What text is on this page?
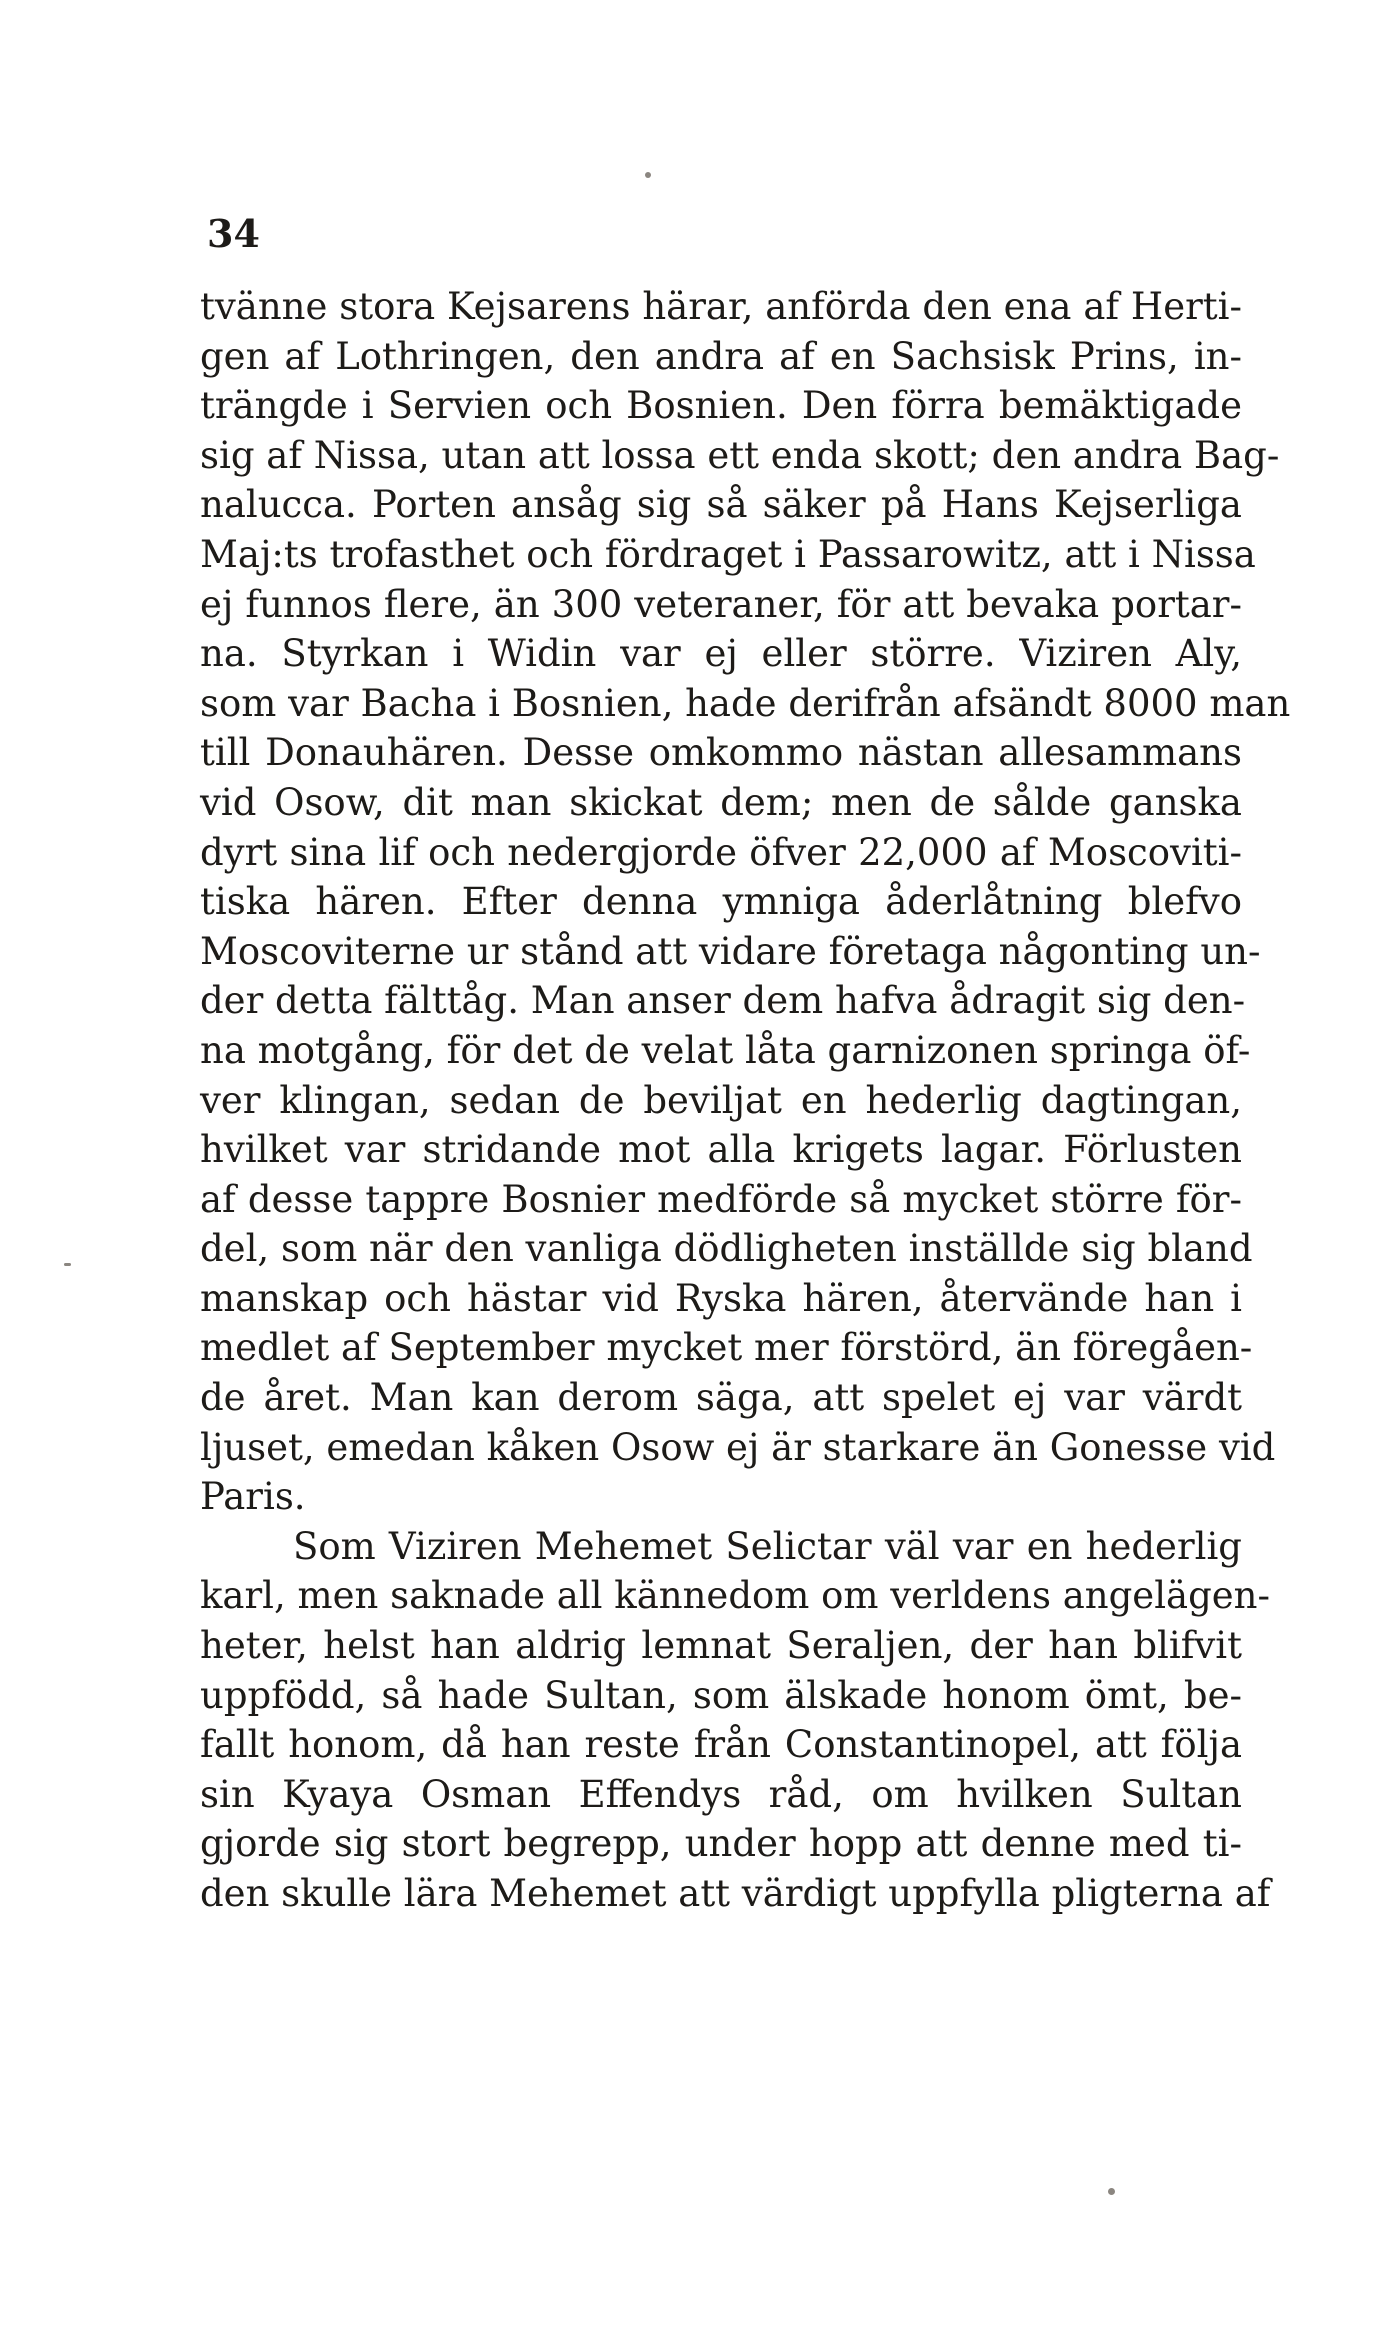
34
tvänne stora Kejsarens härar, anförda den ena af Herti-
gen af Lothringen, den andra af en Sachsisk Prins, in-
trängde i Servien och Bosnien. Den förra bemäktigade
sig af Nissa, utan att lossa ett enda skott; den andra Bag-
nalucca. Porten ansåg sig så säker på Hans Kejserliga
Maj:ts trofasthet och fördraget i Passarowitz, att i Nissa
ej funnos flere, än 300 veteraner, för att bevaka portar-
na. Styrkan i Widin var ej eller större. Viziren Aly,
som var Bacha i Bosnien, hade derifrån afsändt 8000 man
till Donauhären. Desse omkommo nästan allesammans
vid Osow, dit man skickat dem; men de sålde ganska
dyrt sina lif och nedergjorde öfver 22,000 af Moscoviti-
tiska hären. Efter denna ymniga åderlåtning blefvo
Moscoviterne ur stånd att vidare företaga någonting un-
der detta fälttåg. Man anser dem hafva ådragit sig den-
na motgång, för det de velat låta garnizonen springa öf-
ver klingan, sedan de beviljat en hederlig dagtingan,
hvilket var stridande mot alla krigets lagar. Förlusten
af desse tappre Bosnier medförde så mycket större för-
del, som när den vanliga dödligheten inställde sig bland
manskap och hästar vid Ryska hären, återvände han i
medlet af September mycket mer förstörd, än föregåen-
de året. Man kan derom säga, att spelet ej var värdt
ljuset, emedan kåken Osow ej är starkare än Gonesse vid
Paris.
Som Viziren Mehemet Selictar väl var en hederlig
karl, men saknade all kännedom om verldens angelägen-
heter, helst han aldrig lemnat Seraljen, der han blifvit
uppfödd, så hade Sultan, som älskade honom ömt, be-
fallt honom, då han reste från Constantinopel, att följa
sin Kyaya Osman Effendys råd, om hvilken Sultan
gjorde sig stort begrepp, under hopp att denne med ti-
den skulle lära Mehemet att värdigt uppfylla pligterna af
